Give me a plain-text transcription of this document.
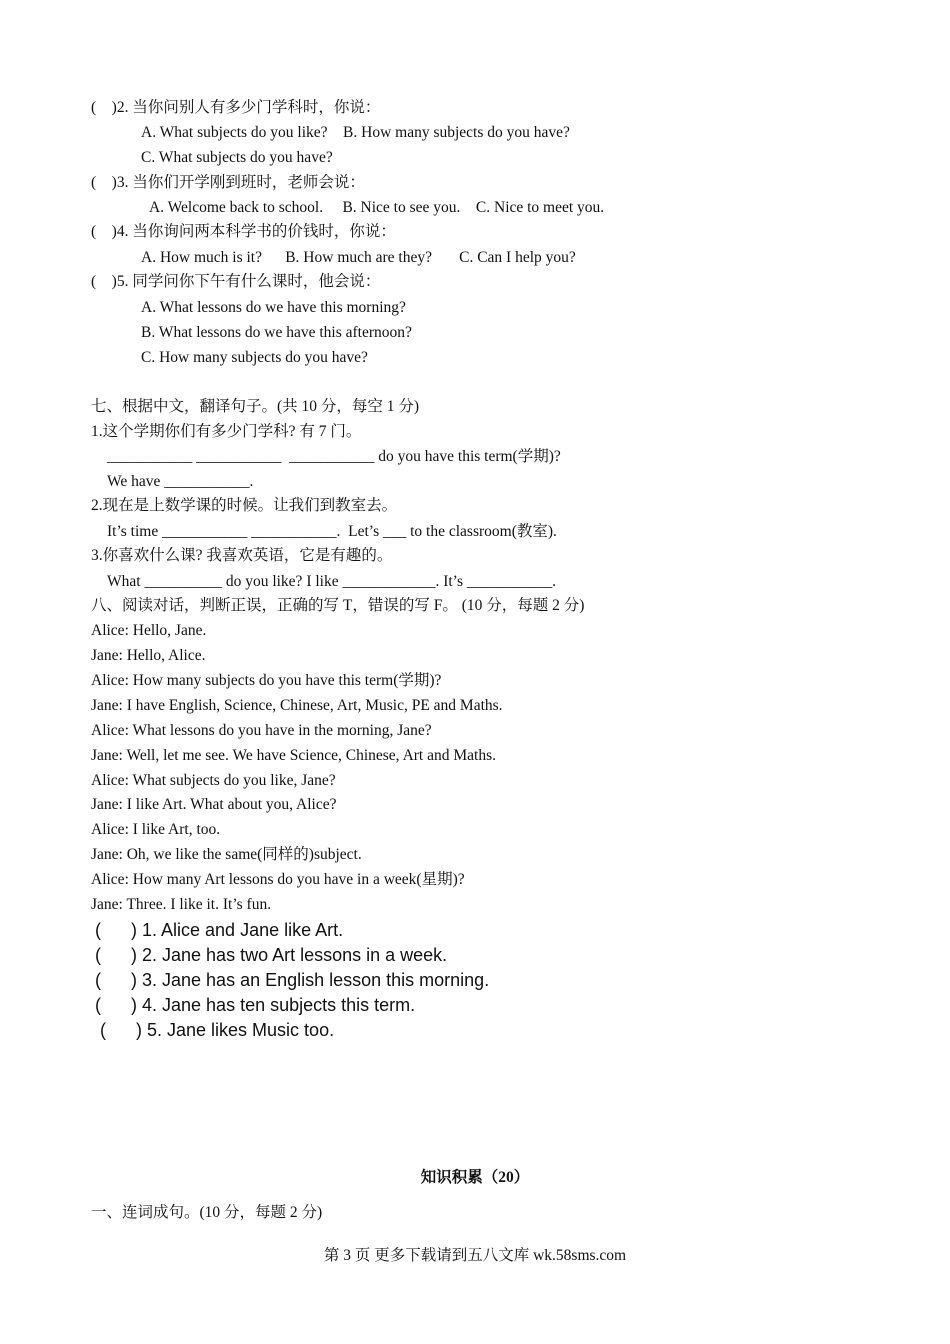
(    )2. 当你问别人有多少门学科时，你说：
A. What subjects do you like?    B. How many subjects do you have?
C. What subjects do you have?
(    )3. 当你们开学刚到班时，老师会说：
A. Welcome back to school.     B. Nice to see you.    C. Nice to meet you.
(    )4. 当你询问两本科学书的价钱时，你说：
A. How much is it?      B. How much are they?       C. Can I help you?
(    )5. 同学问你下午有什么课时，他会说：
A. What lessons do we have this morning?
B. What lessons do we have this afternoon?
C. How many subjects do you have?
七、根据中文，翻译句子。(共 10 分，每空 1 分)
1.这个学期你们有多少门学科? 有 7 门。
___________ ___________  ___________ do you have this term(学期)?
We have ___________.
2.现在是上数学课的时候。让我们到教室去。
It’s time ___________ ___________.  Let’s ___ to the classroom(教室).
3.你喜欢什么课? 我喜欢英语，它是有趣的。
What __________ do you like? I like ____________. It’s ___________.
八、阅读对话，判断正误，正确的写 T，错误的写 F。 (10 分，每题 2 分)
Alice: Hello, Jane.
Jane: Hello, Alice.
Alice: How many subjects do you have this term(学期)?
Jane: I have English, Science, Chinese, Art, Music, PE and Maths.
Alice: What lessons do you have in the morning, Jane?
Jane: Well, let me see. We have Science, Chinese, Art and Maths.
Alice: What subjects do you like, Jane?
Jane: I like Art. What about you, Alice?
Alice: I like Art, too.
Jane: Oh, we like the same(同样的)subject.
Alice: How many Art lessons do you have in a week(星期)?
Jane: Three. I like it. It’s fun.
(      ) 1. Alice and Jane like Art.
(      ) 2. Jane has two Art lessons in a week.
(      ) 3. Jane has an English lesson this morning.
(      ) 4. Jane has ten subjects this term.
(      ) 5. Jane likes Music too.
知识积累（20）
一、连词成句。(10 分，每题 2 分)
第 3 页 更多下载请到五八文库 wk.58sms.com
